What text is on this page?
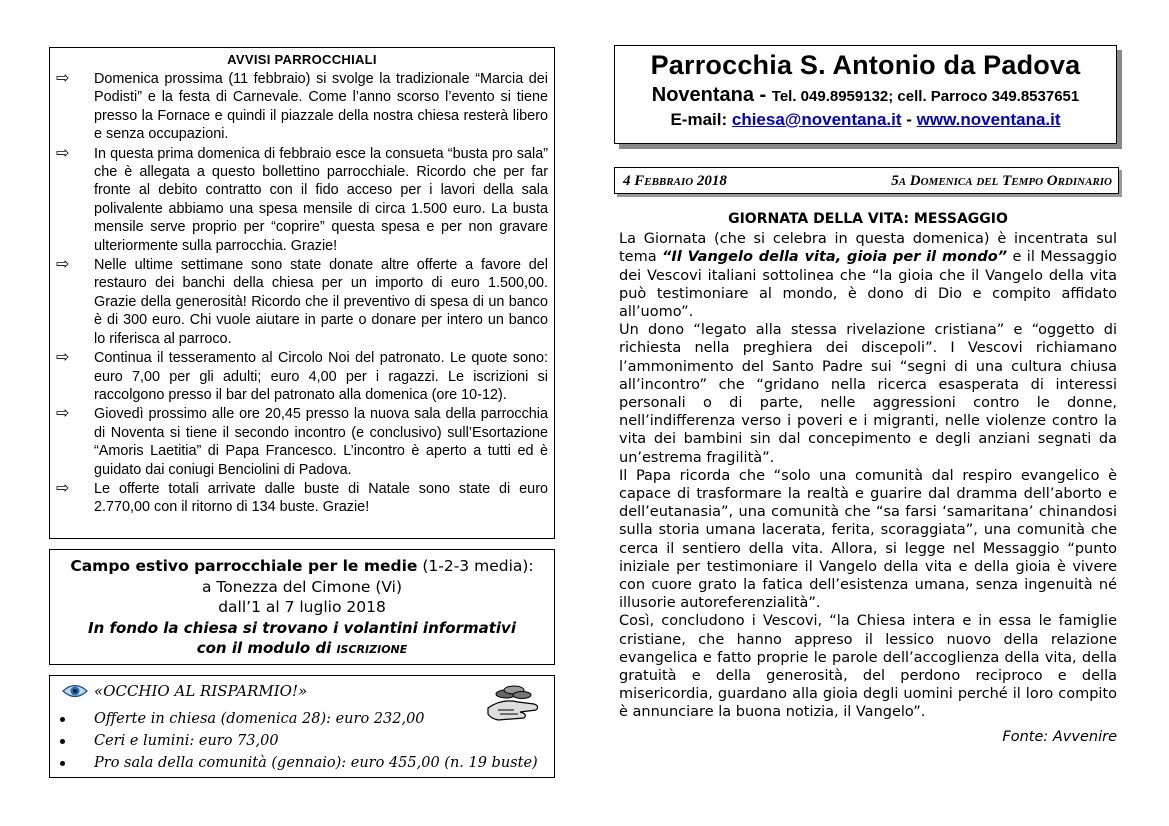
AVVISI PARROCCHIALI
⇨ Domenica prossima (11 febbraio) si svolge la tradizionale “Marcia dei Podisti” e la festa di Carnevale. Come l’anno scorso l’evento si tiene presso la Fornace e quindi il piazzale della nostra chiesa resterà libero e senza occupazioni.
⇨ In questa prima domenica di febbraio esce la consueta “busta pro sala” che è allegata a questo bollettino parrocchiale. Ricordo che per far fronte al debito contratto con il fido acceso per i lavori della sala polivalente abbiamo una spesa mensile di circa 1.500 euro. La busta mensile serve proprio per “coprire” questa spesa e per non gravare ulteriormente sulla parrocchia. Grazie!
⇨ Nelle ultime settimane sono state donate altre offerte a favore del restauro dei banchi della chiesa per un importo di euro 1.500,00. Grazie della generosità! Ricordo che il preventivo di spesa di un banco è di 300 euro. Chi vuole aiutare in parte o donare per intero un banco lo riferisca al parroco.
⇨ Continua il tesseramento al Circolo Noi del patronato. Le quote sono: euro 7,00 per gli adulti; euro 4,00 per i ragazzi. Le iscrizioni si raccolgono presso il bar del patronato alla domenica (ore 10-12).
⇨ Giovedì prossimo alle ore 20,45 presso la nuova sala della parrocchia di Noventa si tiene il secondo incontro (e conclusivo) sull’Esortazione “Amoris Laetitia” di Papa Francesco. L’incontro è aperto a tutti ed è guidato dai coniugi Benciolini di Padova.
⇨ Le offerte totali arrivate dalle buste di Natale sono state di euro 2.770,00 con il ritorno di 134 buste. Grazie!
Campo estivo parrocchiale per le medie (1-2-3 media):
a Tonezza del Cimone (Vi)
dall’1 al 7 luglio 2018
In fondo la chiesa si trovano i volantini informativi
con il modulo di ISCRIZIONE
«OCCHIO AL RISPARMIO!»
Offerte in chiesa (domenica 28): euro 232,00
Ceri e lumini: euro 73,00
Pro sala della comunità (gennaio): euro 455,00 (n. 19 buste)
Parrocchia S. Antonio da Padova
Noventana - Tel. 049.8959132; cell. Parroco 349.8537651
E-mail: chiesa@noventana.it - www.noventana.it
4 Febbraio 2018	5a Domenica del Tempo Ordinario
GIORNATA DELLA VITA: MESSAGGIO

La Giornata (che si celebra in questa domenica) è incentrata sul tema “Il Vangelo della vita, gioia per il mondo” e il Messaggio dei Vescovi italiani sottolinea che “la gioia che il Vangelo della vita può testimoniare al mondo, è dono di Dio e compito affidato all’uomo”.

Un dono “legato alla stessa rivelazione cristiana” e “oggetto di richiesta nella preghiera dei discepoli”. I Vescovi richiamano l’ammonimento del Santo Padre sui “segni di una cultura chiusa all’incontro” che “gridano nella ricerca esasperata di interessi personali o di parte, nelle aggressioni contro le donne, nell’indifferenza verso i poveri e i migranti, nelle violenze contro la vita dei bambini sin dal concepimento e degli anziani segnati da un’estrema fragilità”.

Il Papa ricorda che “solo una comunità dal respiro evangelico è capace di trasformare la realtà e guarire dal dramma dell’aborto e dell’eutanasia”, una comunità che “sa farsi ‘samaritana’ chinandosi sulla storia umana lacerata, ferita, scoraggiata”, una comunità che cerca il sentiero della vita. Allora, si legge nel Messaggio “punto iniziale per testimoniare il Vangelo della vita e della gioia è vivere con cuore grato la fatica dell’esistenza umana, senza ingenuità né illusorie autoreferenzialità”.

Così, concludono i Vescovi, “la Chiesa intera e in essa le famiglie cristiane, che hanno appreso il lessico nuovo della relazione evangelica e fatto proprie le parole dell’accoglienza della vita, della gratuità e della generosità, del perdono reciproco e della misericordia, guardano alla gioia degli uomini perché il loro compito è annunciare la buona notizia, il Vangelo”.

Fonte: Avvenire
